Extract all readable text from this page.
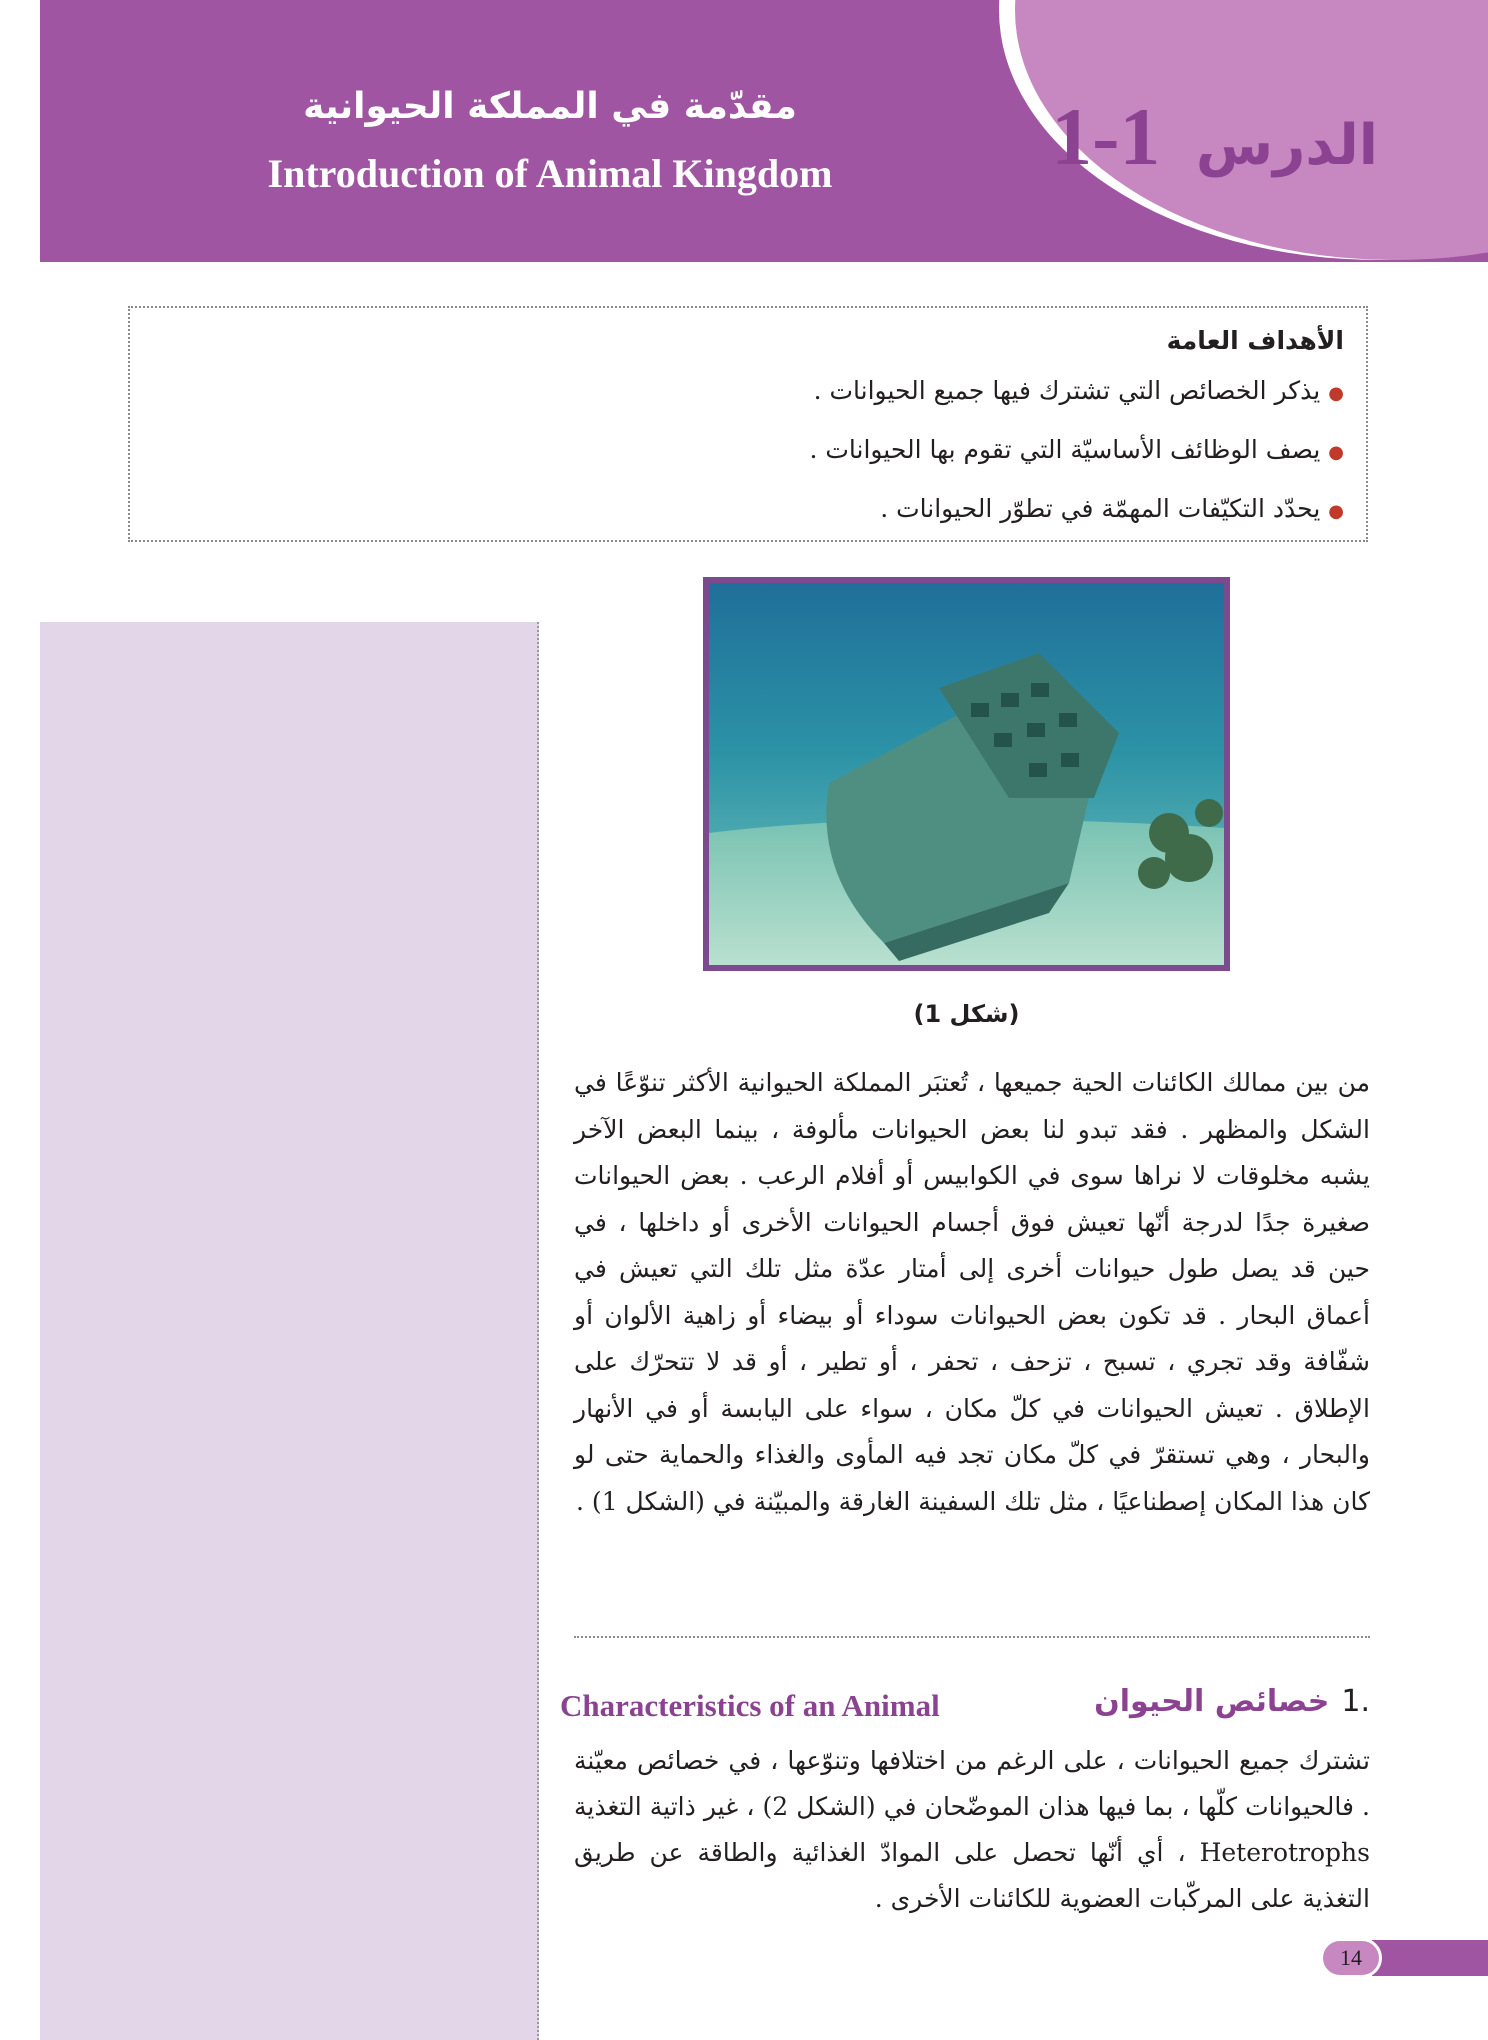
الدرس 1-1
مقدّمة في المملكة الحيوانية
Introduction of Animal Kingdom
الأهداف العامة
●يذكر الخصائص التي تشترك فيها جميع الحيوانات .
●يصف الوظائف الأساسيّة التي تقوم بها الحيوانات .
●يحدّد التكيّفات المهمّة في تطوّر الحيوانات .
(شكل 1)
من بين ممالك الكائنات الحية جميعها ، تُعتبَر المملكة الحيوانية الأكثر تنوّعًا في الشكل والمظهر . فقد تبدو لنا بعض الحيوانات مألوفة ، بينما البعض الآخر يشبه مخلوقات لا نراها سوى في الكوابيس أو أفلام الرعب . بعض الحيوانات صغيرة جدًا لدرجة أنّها تعيش فوق أجسام الحيوانات الأخرى أو داخلها ، في حين قد يصل طول حيوانات أخرى إلى أمتار عدّة مثل تلك التي تعيش في أعماق البحار . قد تكون بعض الحيوانات سوداء أو بيضاء أو زاهية الألوان أو شفّافة وقد تجري ، تسبح ، تزحف ، تحفر ، أو تطير ، أو قد لا تتحرّك على الإطلاق . تعيش الحيوانات في كلّ مكان ، سواء على اليابسة أو في الأنهار والبحار ، وهي تستقرّ في كلّ مكان تجد فيه المأوى والغذاء والحماية حتى لو كان هذا المكان إصطناعيًا ، مثل تلك السفينة الغارقة والمبيّنة في (الشكل 1) .
Characteristics of an Animal	.1خصائص الحيوان
تشترك جميع الحيوانات ، على الرغم من اختلافها وتنوّعها ، في خصائص معيّنة . فالحيوانات كلّها ، بما فيها هذان الموضّحان في (الشكل 2) ، غير ذاتية التغذية Heterotrophs ، أي أنّها تحصل على الموادّ الغذائية والطاقة عن طريق التغذية على المركّبات العضوية للكائنات الأخرى .
14
